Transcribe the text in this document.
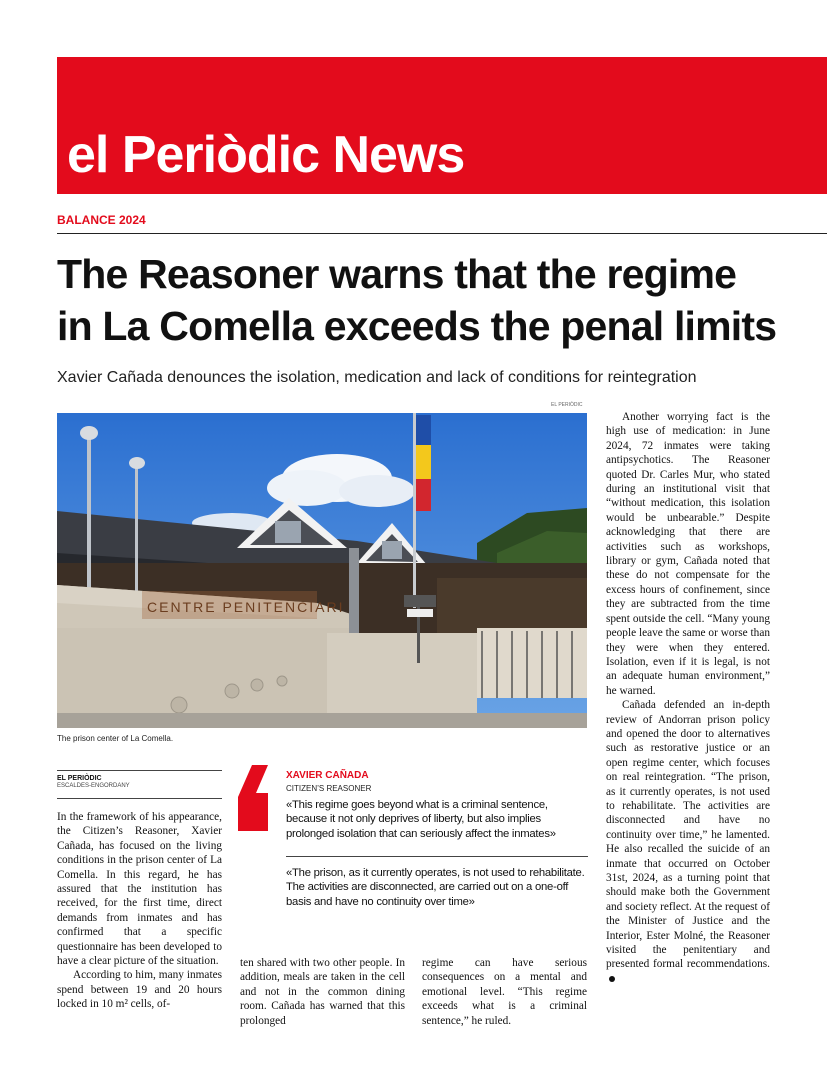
el Periòdic News
BALANCE 2024
The Reasoner warns that the regime
in La Comella exceeds the penal limits
Xavier Cañada denounces the isolation, medication and lack of conditions for reintegration
EL PERIÒDIC
CENTRE PENITENCIARI
The prison center of La Comella.
EL PERIÒDIC
ESCALDES-ENGORDANY

In the framework of his appearance, the Citizen’s Reasoner, Xavier Cañada, has focused on the living conditions in the prison center of La Comella. In this regard, he has assured that the institution has received, for the first time, direct demands from inmates and has confirmed that a specific questionnaire has been developed to have a clear picture of the situation.

According to him, many inmates spend between 19 and 20 hours locked in 10 m² cells, of-

XAVIER CAÑADA
CITIZEN’S REASONER
«This regime goes beyond what is a criminal sentence, because it not only deprives of liberty, but also implies prolonged isolation that can seriously affect the inmates»
«The prison, as it currently operates, is not used to rehabilitate. The activities are disconnected, are carried out on a one-off basis and have no continuity over time»

ten shared with two other people. In addition, meals are taken in the cell and not in the common dining room. Cañada has warned that this prolonged

regime can have serious consequences on a mental and emotional level. “This regime exceeds what is a criminal sentence,” he ruled.

Another worrying fact is the high use of medication: in June 2024, 72 inmates were taking antipsychotics. The Reasoner quoted Dr. Carles Mur, who stated during an institutional visit that “without medication, this isolation would be unbearable.” Despite acknowledging that there are activities such as workshops, library or gym, Cañada noted that these do not compensate for the excess hours of confinement, since they are subtracted from the time spent outside the cell. “Many young people leave the same or worse than they were when they entered. Isolation, even if it is legal, is not an adequate human environment,” he warned.

Cañada defended an in-depth review of Andorran prison policy and opened the door to alternatives such as restorative justice or an open regime center, which focuses on real reintegration. “The prison, as it currently operates, is not used to rehabilitate. The activities are disconnected and have no continuity over time,” he lamented. He also recalled the suicide of an inmate that occurred on October 31st, 2024, as a turning point that should make both the Government and society reflect. At the request of the Minister of Justice and the Interior, Ester Molné, the Reasoner visited the penitentiary and presented formal recommendations.
